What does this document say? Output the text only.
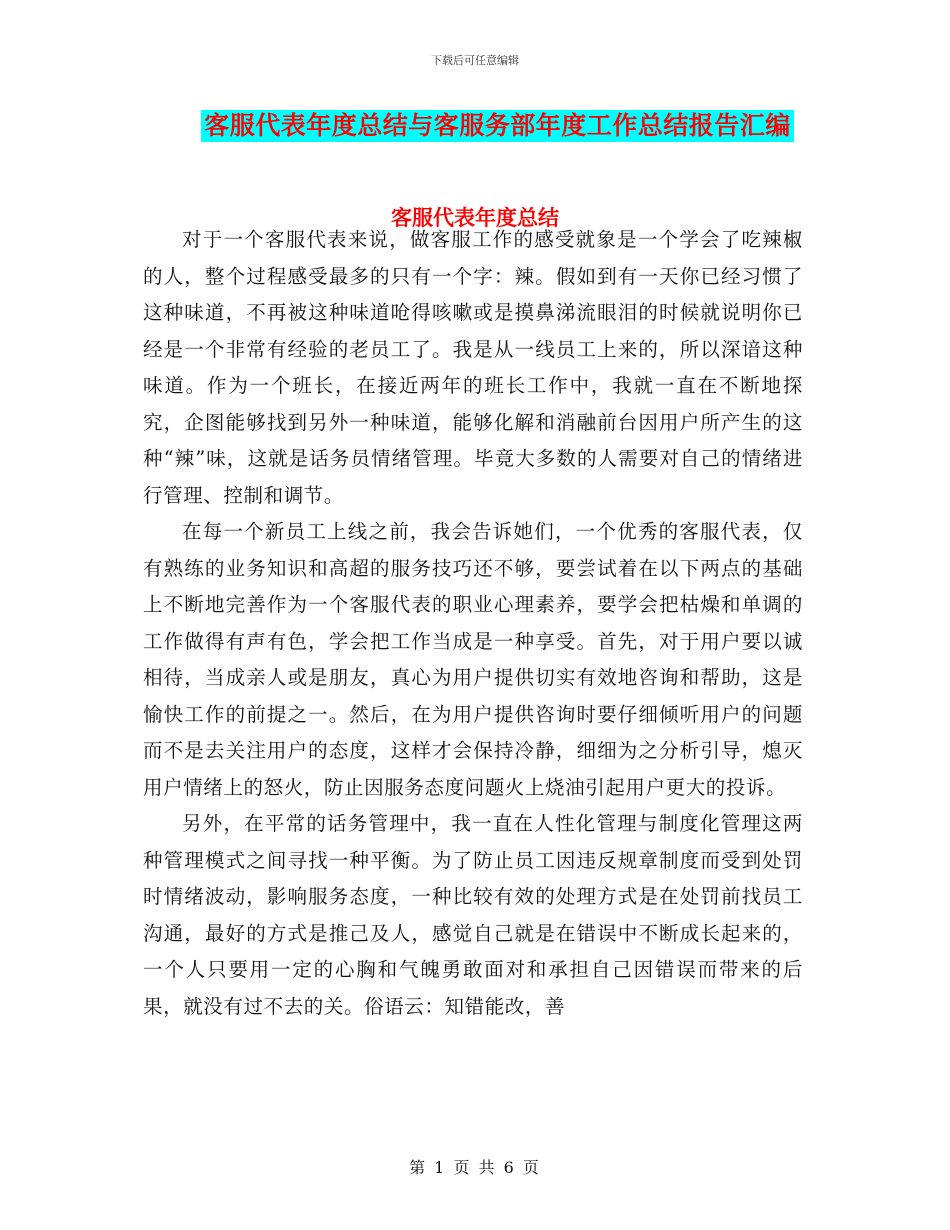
下载后可任意编辑
客服代表年度总结与客服务部年度工作总结报告汇编
客服代表年度总结

对于一个客服代表来说，做客服工作的感受就象是一个学会了吃辣椒的人，整个过程感受最多的只有一个字：辣。假如到有一天你已经习惯了这种味道，不再被这种味道呛得咳嗽或是摸鼻涕流眼泪的时候就说明你已经是一个非常有经验的老员工了。我是从一线员工上来的，所以深谙这种味道。作为一个班长，在接近两年的班长工作中，我就一直在不断地探究，企图能够找到另外一种味道，能够化解和消融前台因用户所产生的这种“辣”味，这就是话务员情绪管理。毕竟大多数的人需要对自己的情绪进行管理、控制和调节。

在每一个新员工上线之前，我会告诉她们，一个优秀的客服代表，仅有熟练的业务知识和高超的服务技巧还不够，要尝试着在以下两点的基础上不断地完善作为一个客服代表的职业心理素养，要学会把枯燥和单调的工作做得有声有色，学会把工作当成是一种享受。首先，对于用户要以诚相待，当成亲人或是朋友，真心为用户提供切实有效地咨询和帮助，这是愉快工作的前提之一。然后，在为用户提供咨询时要仔细倾听用户的问题而不是去关注用户的态度，这样才会保持冷静，细细为之分析引导，熄灭用户情绪上的怒火，防止因服务态度问题火上烧油引起用户更大的投诉。

另外，在平常的话务管理中，我一直在人性化管理与制度化管理这两种管理模式之间寻找一种平衡。为了防止员工因违反规章制度而受到处罚时情绪波动，影响服务态度，一种比较有效的处理方式是在处罚前找员工沟通，最好的方式是推己及人，感觉自己就是在错误中不断成长起来的，一个人只要用一定的心胸和气魄勇敢面对和承担自己因错误而带来的后果，就没有过不去的关。俗语云：知错能改，善

第 1 页 共 6 页
